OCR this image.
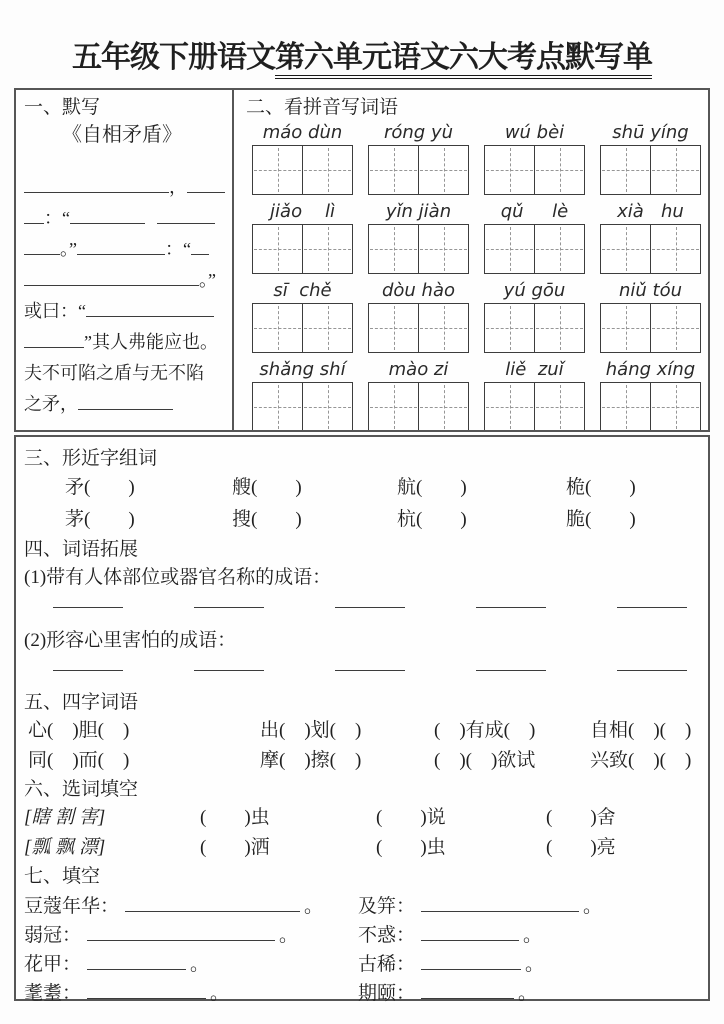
五年级下册语文第六单元语文六大考点默写单
一、默写
《自相矛盾》
，
：“
。”	：“
。”
或曰：“
”其人弗能应也。
夫不可陷之盾与无不陷
之矛，
二、看拼音写词语
máo dùn	róng yù	wú bèi	shū yíng
jiǎo    lì	yǐn jiàn	qǔ     lè	xià   hu
sī  chě	dòu hào	yú gōu	niǔ tóu
shǎng shí	mào zi	liě  zuǐ	háng xíng
三、形近字组词
矛(　　)	艘(　　)	航(　　)	桅(　　)
茅(　　)	搜(　　)	杭(　　)	脆(　　)
四、词语拓展
(1)带有人体部位或器官名称的成语：
(2)形容心里害怕的成语：
五、四字词语
心(　)胆(　)	出(　)划(　)	(　)有成(　)	自相(　)(　)
同(　)而(　)	摩(　)擦(　)	(　)(　)欲试	兴致(　)(　)
六、选词填空
[瞎 割 害]	(　　)虫	(　　)说	(　　)舍
[瓢 飘 漂]	(　　)洒	(　　)虫	(　　)亮
七、填空
豆蔻年华：	。
弱冠：	。
花甲：	。
耄耋：	。
及笄：	。
不惑：	。
古稀：	。
期颐：	。
